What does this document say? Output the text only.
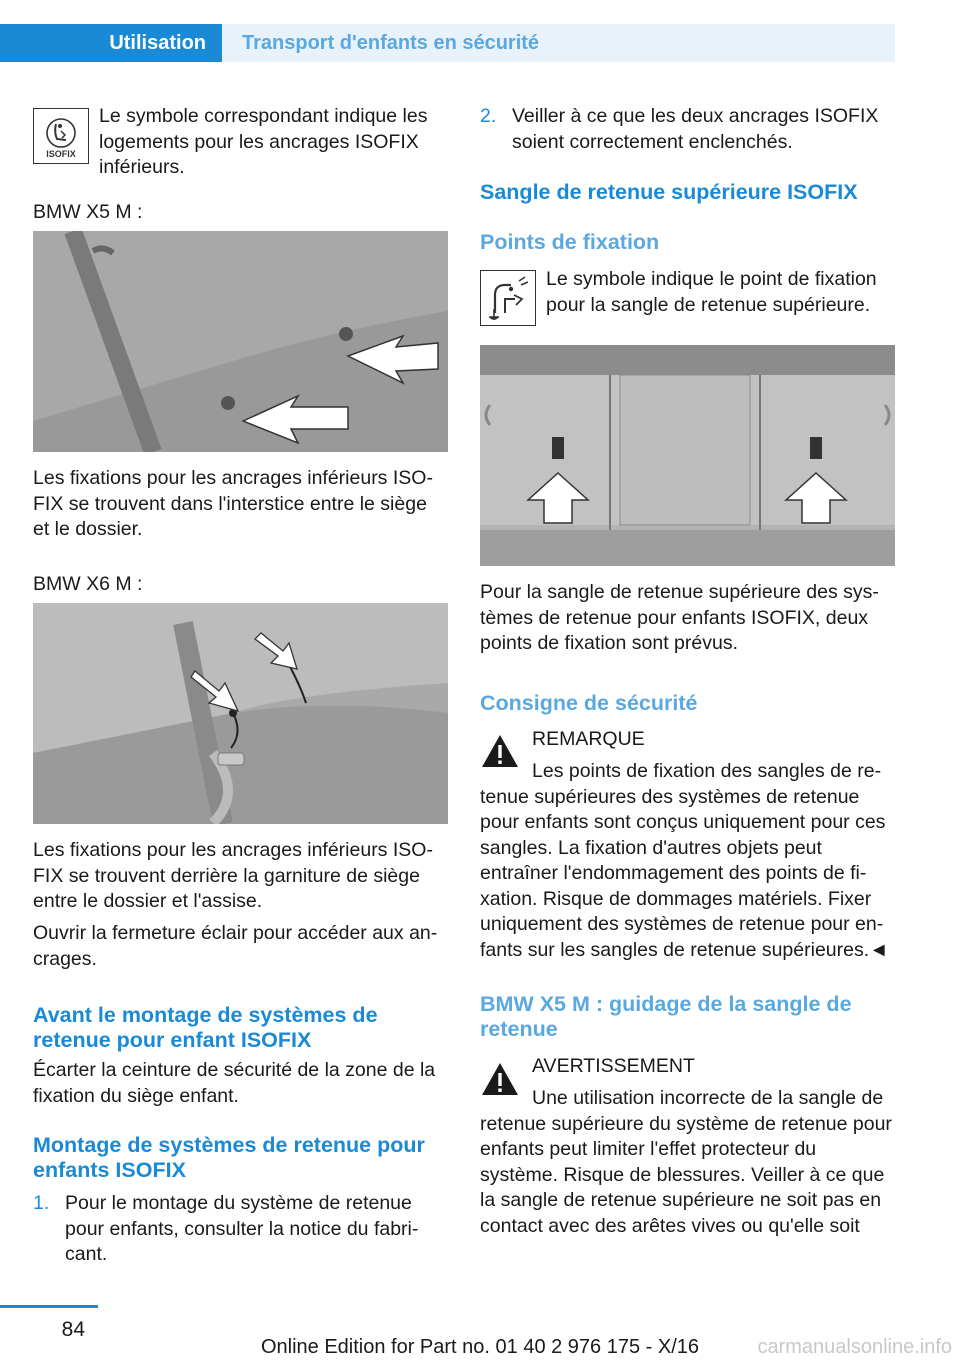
Utilisation	Transport d'enfants en sécurité
ISOFIX

Le symbole correspondant indique les logements pour les ancrages ISOFIX inférieurs.

BMW X5 M :

Les fixations pour les ancrages inférieurs ISOFIX se trouvent dans l'interstice entre le siège et le dossier.

BMW X6 M :

Les fixations pour les ancrages inférieurs ISOFIX se trouvent derrière la garniture de siège entre le dossier et l'assise.

Ouvrir la fermeture éclair pour accéder aux ancrages.

Avant le montage de systèmes de retenue pour enfant ISOFIX

Écarter la ceinture de sécurité de la zone de la fixation du siège enfant.

Montage de systèmes de retenue pour enfants ISOFIX
1. Pour le montage du système de retenue pour enfants, consulter la notice du fabricant.

2. Veiller à ce que les deux ancrages ISOFIX soient correctement enclenchés.

Sangle de retenue supérieure ISOFIX
Points de fixation

Le symbole indique le point de fixation pour la sangle de retenue supérieure.

Pour la sangle de retenue supérieure des systèmes de retenue pour enfants ISOFIX, deux points de fixation sont prévus.

Consigne de sécurité

REMARQUE

Les points de fixation des sangles de retenue supérieures des systèmes de retenue pour enfants sont conçus uniquement pour ces sangles. La fixation d'autres objets peut entraîner l'endommagement des points de fixation. Risque de dommages matériels. Fixer uniquement des systèmes de retenue pour enfants sur les sangles de retenue supérieures.◄

BMW X5 M : guidage de la sangle de retenue

AVERTISSEMENT

Une utilisation incorrecte de la sangle de retenue supérieure du système de retenue pour enfants peut limiter l'effet protecteur du système. Risque de blessures. Veiller à ce que la sangle de retenue supérieure ne soit pas en contact avec des arêtes vives ou qu'elle soit

84
Online Edition for Part no. 01 40 2 976 175 - X/16	carmanualsonline.info
